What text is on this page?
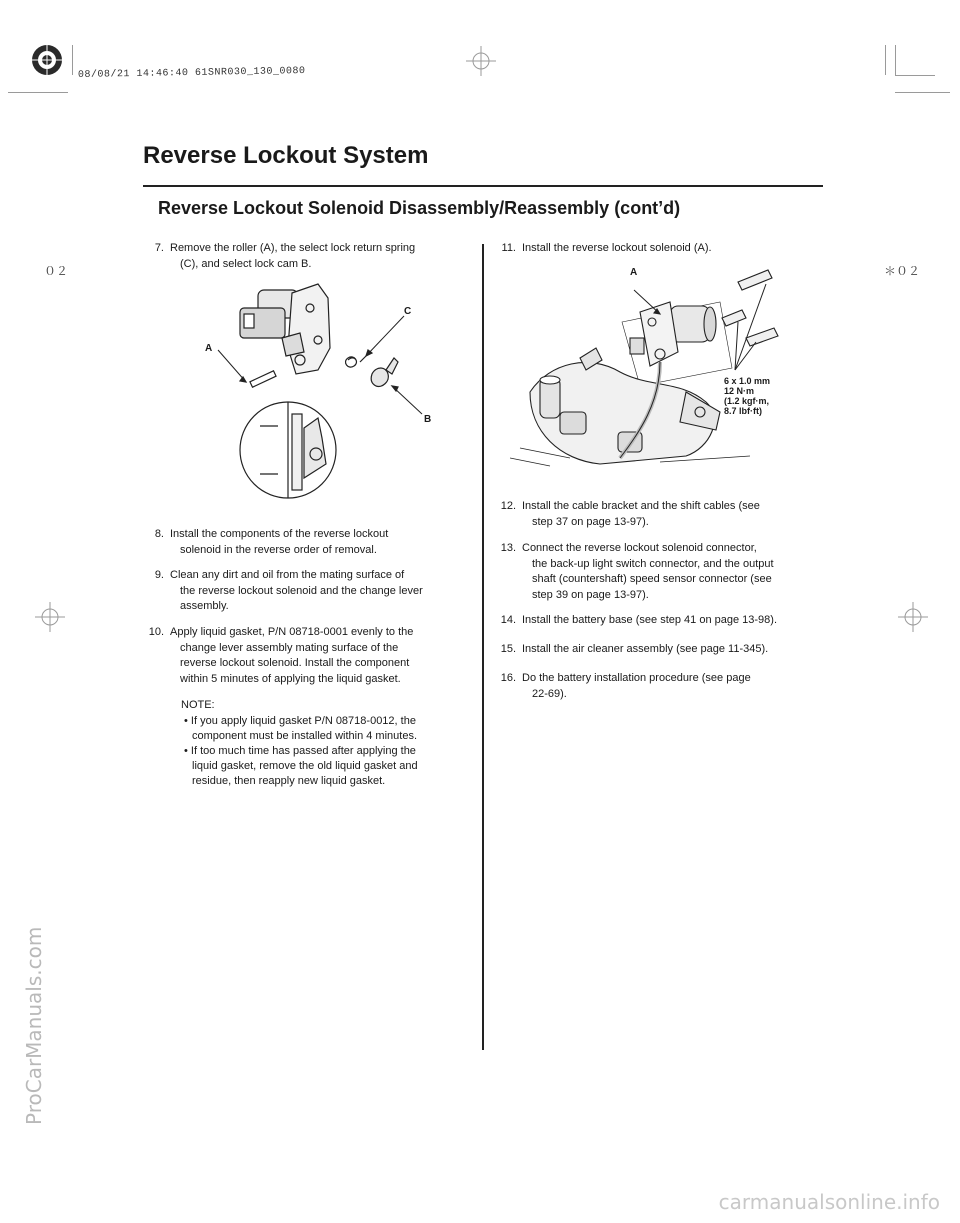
08/08/21 14:46:40 61SNR030_130_0080
０２	＊０２
ProCarManuals.com
carmanualsonline.info
Reverse Lockout System
Reverse Lockout Solenoid Disassembly/Reassembly (cont’d)
7. Remove the roller (A), the select lock return spring
(C), and select lock cam B.
A
C
B
8. Install the components of the reverse lockout
solenoid in the reverse order of removal.
9. Clean any dirt and oil from the mating surface of
the reverse lockout solenoid and the change lever
assembly.
10. Apply liquid gasket, P/N 08718-0001 evenly to the
change lever assembly mating surface of the
reverse lockout solenoid. Install the component
within 5 minutes of applying the liquid gasket.
NOTE:
• If you apply liquid gasket P/N 08718-0012, the
component must be installed within 4 minutes.
• If too much time has passed after applying the
liquid gasket, remove the old liquid gasket and
residue, then reapply new liquid gasket.
11. Install the reverse lockout solenoid (A).
A
6 x 1.0 mm
12 N·m
(1.2 kgf·m,
8.7 lbf·ft)
12. Install the cable bracket and the shift cables (see
step 37 on page 13-97).
13. Connect the reverse lockout solenoid connector,
the back-up light switch connector, and the output
shaft (countershaft) speed sensor connector (see
step 39 on page 13-97).
14. Install the battery base (see step 41 on page 13-98).
15. Install the air cleaner assembly (see page 11-345).
16. Do the battery installation procedure (see page
22-69).
